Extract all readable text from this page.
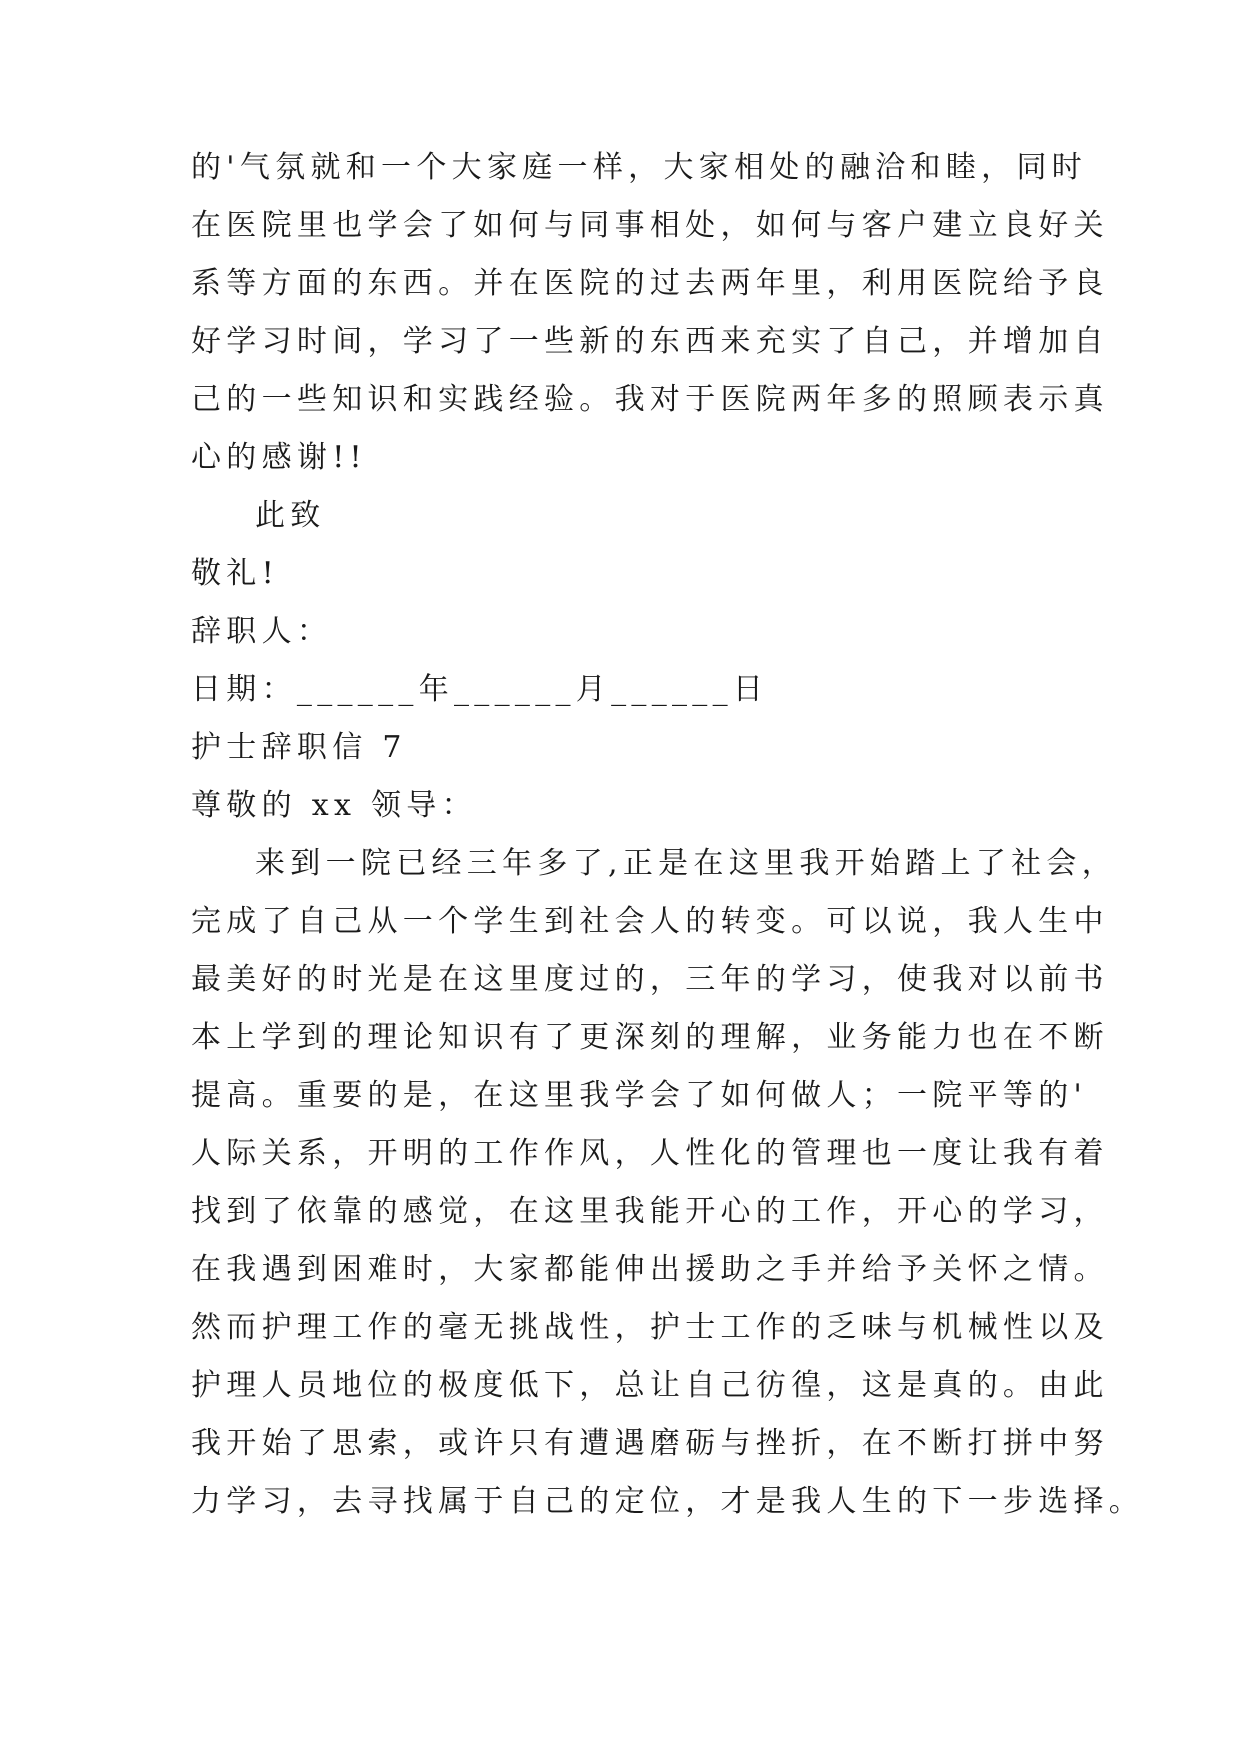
的'气氛就和一个大家庭一样，大家相处的融洽和睦，同时
在医院里也学会了如何与同事相处，如何与客户建立良好关
系等方面的东西。并在医院的过去两年里，利用医院给予良
好学习时间，学习了一些新的东西来充实了自己，并增加自
己的一些知识和实践经验。我对于医院两年多的照顾表示真
心的感谢!!
此致
敬礼!
辞职人：
日期：______年______月______日
护士辞职信 7
尊敬的 xx 领导：
来到一院已经三年多了,正是在这里我开始踏上了社会，
完成了自己从一个学生到社会人的转变。可以说，我人生中
最美好的时光是在这里度过的，三年的学习，使我对以前书
本上学到的理论知识有了更深刻的理解，业务能力也在不断
提高。重要的是，在这里我学会了如何做人；一院平等的'
人际关系，开明的工作作风，人性化的管理也一度让我有着
找到了依靠的感觉，在这里我能开心的工作，开心的学习，
在我遇到困难时，大家都能伸出援助之手并给予关怀之情。
然而护理工作的毫无挑战性，护士工作的乏味与机械性以及
护理人员地位的极度低下，总让自己彷徨，这是真的。由此
我开始了思索，或许只有遭遇磨砺与挫折，在不断打拼中努
力学习，去寻找属于自己的定位，才是我人生的下一步选择。
